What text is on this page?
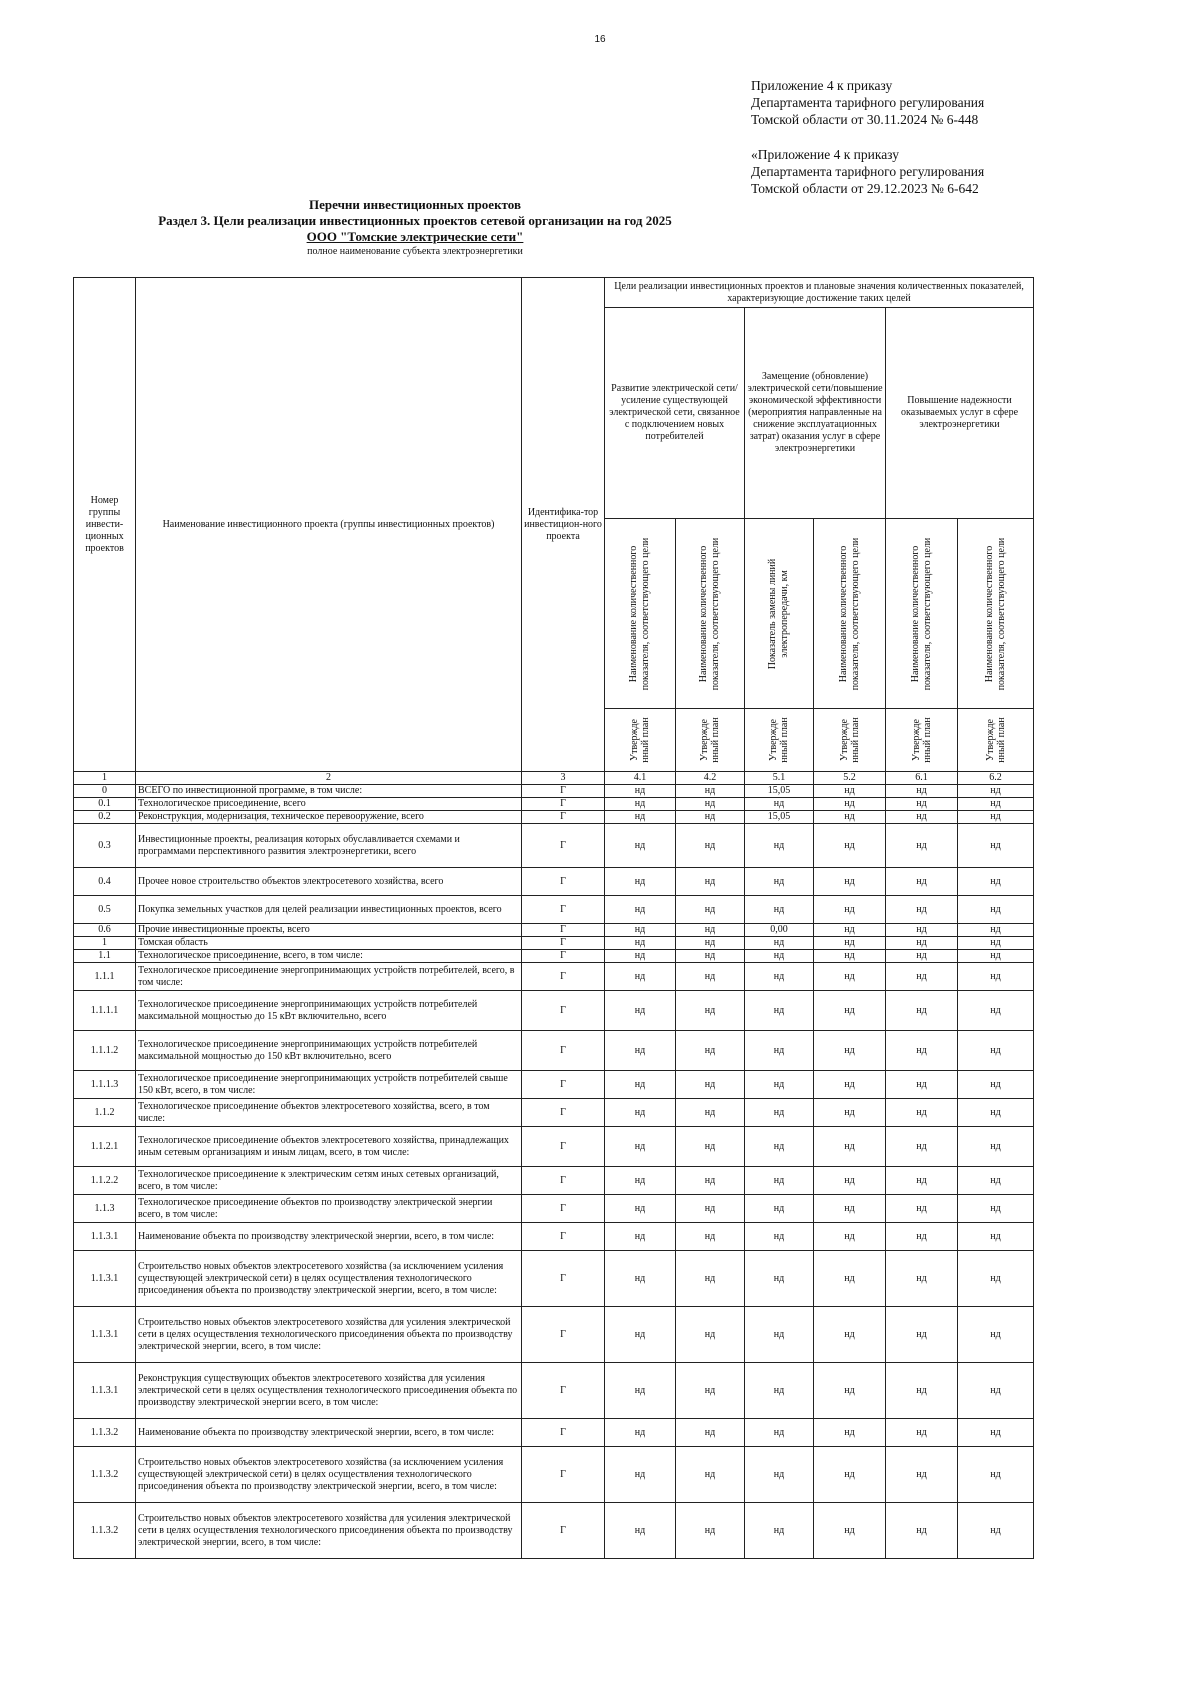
16
Приложение 4 к приказу
Департамента тарифного регулирования
Томской области от 30.11.2024 № 6-448
«Приложение 4 к приказу
Департамента тарифного регулирования
Томской области от 29.12.2023 № 6-642
Перечни инвестиционных проектов
Раздел 3. Цели реализации инвестиционных проектов сетевой организации на год 2025
ООО "Томские электрические сети"
полное наименование субъекта электроэнергетики
Номер группы инвести-ционных проектов	Наименование инвестиционного проекта (группы инвестиционных проектов)	Идентифика-тор инвестицион-ного проекта	Цели реализации инвестиционных проектов и плановые значения количественных показателей, характеризующие достижение таких целей					
			Развитие электрической сети/усиление существующей электрической сети, связанное с подключением новых потребителей		Замещение (обновление) электрической сети/повышение экономической эффективности (мероприятия направленные на снижение эксплуатационных затрат) оказания услуг в сфере электроэнергетики		Повышение надежности оказываемых услуг в сфере электроэнергетики	

			Наименование количественного показателя, соответствующего цели	Наименование количественного показателя, соответствующего цели	Показатель замены линий электропередачи, км	Наименование количественного показателя, соответствующего цели	Наименование количественного показателя, соответствующего цели	Наименование количественного показателя, соответствующего цели

			Утвержде нный план	Утвержде нный план	Утвержде нный план	Утвержде нный план	Утвержде нный план	Утвержде нный план

1	2	3	4.1	4.2	5.1	5.2	6.1	6.2
0	ВСЕГО по инвестиционной программе, в том числе:	Г	нд	нд	15,05	нд	нд	нд
0.1	Технологическое присоединение, всего	Г	нд	нд	нд	нд	нд	нд
0.2	Реконструкция, модернизация, техническое перевооружение, всего	Г	нд	нд	15,05	нд	нд	нд
0.3	Инвестиционные проекты, реализация которых обуславливается схемами и программами перспективного развития электроэнергетики, всего	Г	нд	нд	нд	нд	нд	нд
0.4	Прочее новое строительство объектов электросетевого хозяйства, всего	Г	нд	нд	нд	нд	нд	нд
0.5	Покупка земельных участков для целей реализации инвестиционных проектов, всего	Г	нд	нд	нд	нд	нд	нд
0.6	Прочие инвестиционные проекты, всего	Г	нд	нд	0,00	нд	нд	нд
1	Томская область	Г	нд	нд	нд	нд	нд	нд
1.1	Технологическое присоединение, всего, в том числе:	Г	нд	нд	нд	нд	нд	нд
1.1.1	Технологическое присоединение энергопринимающих устройств потребителей, всего, в том числе:	Г	нд	нд	нд	нд	нд	нд
1.1.1.1	Технологическое присоединение энергопринимающих устройств потребителей максимальной мощностью до 15 кВт включительно, всего	Г	нд	нд	нд	нд	нд	нд
1.1.1.2	Технологическое присоединение энергопринимающих устройств потребителей максимальной мощностью до 150 кВт включительно, всего	Г	нд	нд	нд	нд	нд	нд
1.1.1.3	Технологическое присоединение энергопринимающих устройств потребителей свыше 150 кВт, всего, в том числе:	Г	нд	нд	нд	нд	нд	нд
1.1.2	Технологическое присоединение объектов электросетевого хозяйства, всего, в том числе:	Г	нд	нд	нд	нд	нд	нд
1.1.2.1	Технологическое присоединение объектов электросетевого хозяйства, принадлежащих иным сетевым организациям и иным лицам, всего, в том числе:	Г	нд	нд	нд	нд	нд	нд
1.1.2.2	Технологическое присоединение к электрическим сетям иных сетевых организаций, всего, в том числе:	Г	нд	нд	нд	нд	нд	нд
1.1.3	Технологическое присоединение объектов по производству электрической энергии всего, в том числе:	Г	нд	нд	нд	нд	нд	нд
1.1.3.1	Наименование объекта по производству электрической энергии, всего, в том числе:	Г	нд	нд	нд	нд	нд	нд
1.1.3.1	Строительство новых объектов электросетевого хозяйства (за исключением усиления существующей электрической сети) в целях осуществления технологического присоединения объекта по производству электрической энергии, всего, в том числе:	Г	нд	нд	нд	нд	нд	нд
1.1.3.1	Строительство новых объектов электросетевого хозяйства для усиления электрической сети в целях осуществления технологического присоединения объекта по производству электрической энергии, всего, в том числе:	Г	нд	нд	нд	нд	нд	нд
1.1.3.1	Реконструкция существующих объектов электросетевого хозяйства для усиления электрической сети в целях осуществления технологического присоединения объекта по производству электрической энергии всего, в том числе:	Г	нд	нд	нд	нд	нд	нд
1.1.3.2	Наименование объекта по производству электрической энергии, всего, в том числе:	Г	нд	нд	нд	нд	нд	нд
1.1.3.2	Строительство новых объектов электросетевого хозяйства (за исключением усиления существующей электрической сети) в целях осуществления технологического присоединения объекта по производству электрической энергии, всего, в том числе:	Г	нд	нд	нд	нд	нд	нд
1.1.3.2	Строительство новых объектов электросетевого хозяйства для усиления электрической сети в целях осуществления технологического присоединения объекта по производству электрической энергии, всего, в том числе:	Г	нд	нд	нд	нд	нд	нд
